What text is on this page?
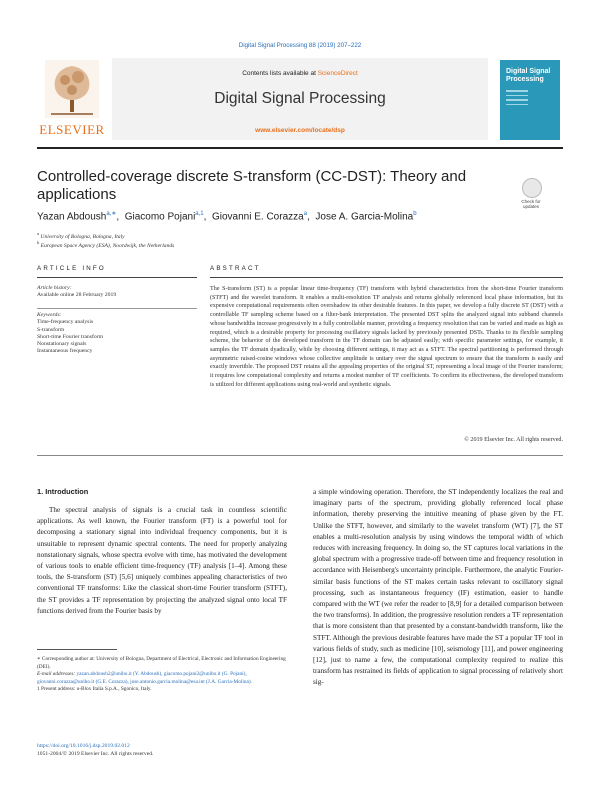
Digital Signal Processing 88 (2019) 207–222
ELSEVIER
Contents lists available at ScienceDirect
Digital Signal Processing
www.elsevier.com/locate/dsp
Digital Signal Processing
Controlled-coverage discrete S-transform (CC-DST): Theory and applications	Check for updates
Yazan Abdoush$^{a,∗}$,  Giacomo Pojani$^{a,1}$,  Giovanni E. Corazza$^a$,  Jose A. Garcia-Molina$^b$
$^a$ University of Bologna, Bologna, Italy
$^b$ European Space Agency (ESA), Noordwijk, the Netherlands
ARTICLE INFO
Article history:
Available online 28 February 2019
Keywords:
Time-frequency analysis
S-transform
Short-time Fourier transform
Nonstationary signals
Instantaneous frequency
ABSTRACT
The S-transform (ST) is a popular linear time-frequency (TF) transform with hybrid characteristics from the short-time Fourier transform (STFT) and the wavelet transform. It enables a multi-resolution TF analysis and returns globally referenced local phase information, but its expensive computational requirements often overshadow its other desirable features. In this paper, we develop a fully discrete ST (DST) with a controllable TF sampling scheme based on a filter-bank interpretation. The presented DST splits the analyzed signal into subband channels whose bandwidths increase progressively in a fully controllable manner, providing a frequency resolution that can be varied and made as high as required, which is a desirable property for processing oscillatory signals lacked by previously presented DSTs. Thanks to its flexible sampling scheme, the behavior of the developed transform in the TF domain can be adjusted easily; with specific parameter settings, for example, it samples the TF domain dyadically, while by choosing different settings, it may act as a STFT. The spectral partitioning is performed through asymmetric raised-cosine windows whose collective amplitude is unitary over the signal spectrum to ensure that the transform is easily and exactly invertible. The proposed DST retains all the appealing properties of the original ST, representing a local image of the Fourier transform; it requires low computational complexity and returns a modest number of TF coefficients. To confirm its effectiveness, the developed transform is utilized for different applications using real-world and synthetic signals.
© 2019 Elsevier Inc. All rights reserved.
1. Introduction
The spectral analysis of signals is a crucial task in countless scientific applications. As well known, the Fourier transform (FT) is a powerful tool for decomposing a stationary signal into individual frequency components, but it is unsuitable to represent dynamic spectral contents. The need for properly analyzing nonstationary signals, whose spectra evolve with time, has motivated the development of various tools to enable efficient time-frequency (TF) analysis [1–4]. Among these tools, the S-transform (ST) [5,6] uniquely combines appealing characteristics of two conventional TF transforms: Like the classical short-time Fourier transform (STFT), the ST provides a TF representation by projecting the analyzed signal onto local TF functions derived from the Fourier basis by
a simple windowing operation. Therefore, the ST independently localizes the real and imaginary parts of the spectrum, providing globally referenced local phase information, thereby preserving the intuitive meaning of phase given by the FT. Unlike the STFT, however, and similarly to the wavelet transform (WT) [7], the ST enables a multi-resolution analysis by using windows the temporal width of which reduces with increasing frequency. In doing so, the ST captures local variations in the global spectrum with a progressive trade-off between time and frequency resolution in accordance with Heisenberg's uncertainty principle. Furthermore, the analytic Fourier-similar basis functions of the ST makes certain tasks relevant to oscillatory signal processing, such as instantaneous frequency (IF) estimation, easier to handle compared with the WT (we refer the reader to [8,9] for a detailed comparison between the two transforms). In addition, the progressive resolution renders a TF representation that is more consistent than that presented by a constant-bandwidth transform, like the STFT. Although the previous desirable features have made the ST a popular TF tool in various fields of study, such as medicine [10], seismology [11], and power engineering [12], just to name a few, the computational complexity required to realize this transform has restrained its fields of application to signal processing of relatively short sig-
∗ Corresponding author at: University of Bologna, Department of Electrical, Electronic and Information Engineering (DEI).
E-mail addresses: yazan.abdoush2@unibo.it (Y. Abdoush), giacomo.pojani2@unibo.it (G. Pojani), giovanni.corazza@unibo.it (G.E. Corazza), jose.antonio.garcia.molina@esa.int (J.A. Garcia-Molina).
1 Present address: u-Blox Italia S.p.A., Sgonico, Italy.
https://doi.org/10.1016/j.dsp.2019.02.012
1051-2004/© 2019 Elsevier Inc. All rights reserved.
